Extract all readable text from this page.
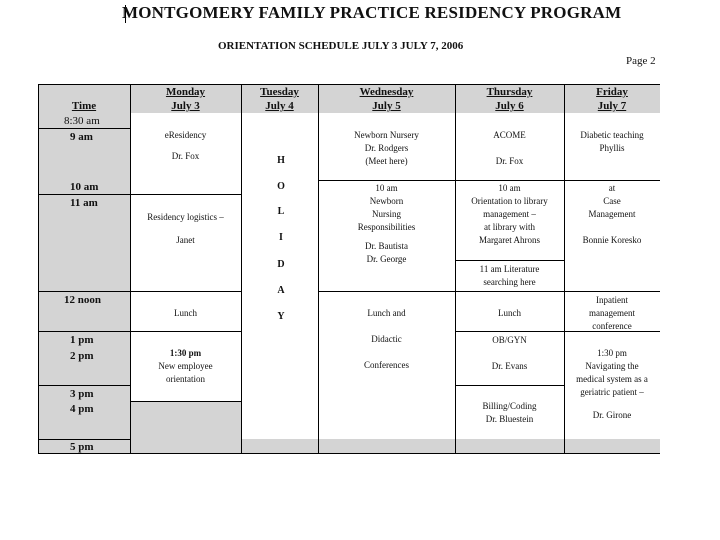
MONTGOMERY FAMILY PRACTICE RESIDENCY PROGRAM
ORIENTATION SCHEDULE JULY 3 JULY 7, 2006
Page 2
Time
Monday
July 3
Tuesday
July 4
Wednesday
July 5
Thursday
July 6
Friday
July 7
8:30 am
9 am
10 am
11 am
12 noon
1 pm
2 pm
3 pm
4 pm
5 pm
eResidency
Dr. Fox
Residency logistics –
Janet
Lunch
1:30 pm
New employee
orientation
H
O
L
I
D
A
Y
Newborn Nursery
Dr. Rodgers
(Meet here)
10 am
Newborn
Nursing
Responsibilities
Dr. Bautista
Dr. George
Lunch and
Didactic
Conferences
ACOME
Dr. Fox
10 am
Orientation to library
management –
at library with
Margaret Ahrons
11 am Literature
searching here
Lunch
OB/GYN
Dr. Evans
Billing/Coding
Dr. Bluestein
Diabetic teaching
Phyllis
at
Case
Management
Bonnie Koresko
Inpatient
management
conference
1:30 pm
Navigating the
medical system as a
geriatric patient –
Dr. Girone
